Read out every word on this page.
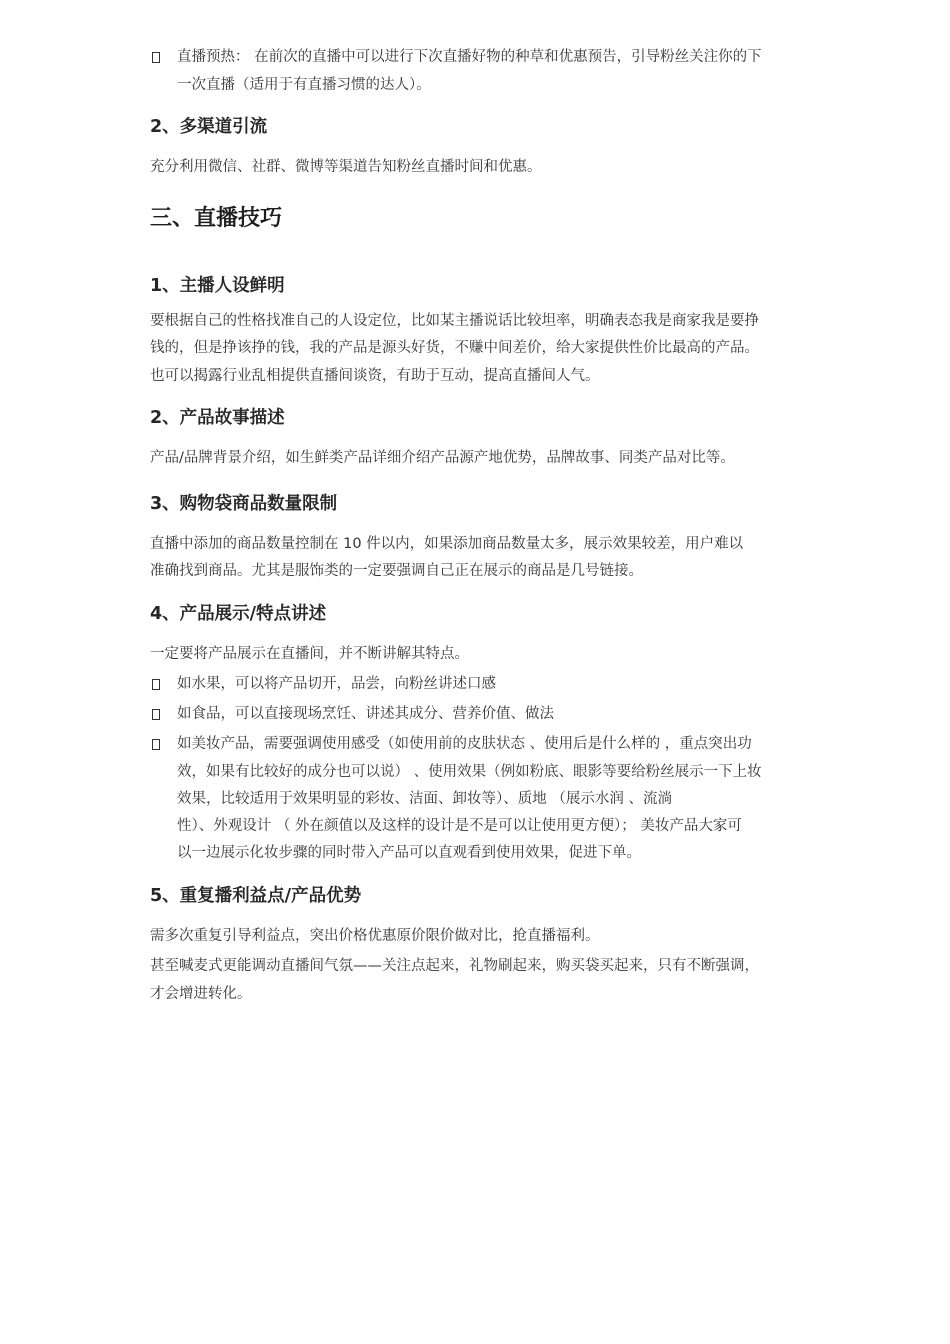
直播预热： 在前次的直播中可以进行下次直播好物的种草和优惠预告，引导粉丝关注你的下
一次直播（适用于有直播习惯的达人）。
2、多渠道引流
充分利用微信、社群、微博等渠道告知粉丝直播时间和优惠。
三、直播技巧
1、主播人设鲜明
要根据自己的性格找准自己的人设定位，比如某主播说话比较坦率，明确表态我是商家我是要挣
钱的，但是挣该挣的钱，我的产品是源头好货，不赚中间差价，给大家提供性价比最高的产品。
也可以揭露行业乱相提供直播间谈资，有助于互动，提高直播间人气。
2、产品故事描述
产品/品牌背景介绍，如生鲜类产品详细介绍产品源产地优势，品牌故事、同类产品对比等。
3、购物袋商品数量限制
直播中添加的商品数量控制在 10 件以内，如果添加商品数量太多，展示效果较差，用户难以
准确找到商品。尤其是服饰类的一定要强调自己正在展示的商品是几号链接。
4、产品展示/特点讲述
一定要将产品展示在直播间，并不断讲解其特点。
如水果，可以将产品切开，品尝，向粉丝讲述口感
如食品，可以直接现场烹饪、讲述其成分、营养价值、做法
如美妆产品，需要强调使用感受（如使用前的皮肤状态 、使用后是什么样的 ，重点突出功
效，如果有比较好的成分也可以说） 、使用效果（例如粉底、眼影等要给粉丝展示一下上妆
效果，比较适用于效果明显的彩妆、洁面、卸妆等）、质地 （展示水润 、流淌
性）、外观设计 （ 外在颜值以及这样的设计是不是可以让使用更方便）； 美妆产品大家可
以一边展示化妆步骤的同时带入产品可以直观看到使用效果，促进下单。
5、重复播利益点/产品优势
需多次重复引导利益点，突出价格优惠原价限价做对比，抢直播福利。
甚至喊麦式更能调动直播间气氛——关注点起来，礼物刷起来，购买袋买起来，只有不断强调，
才会增进转化。
